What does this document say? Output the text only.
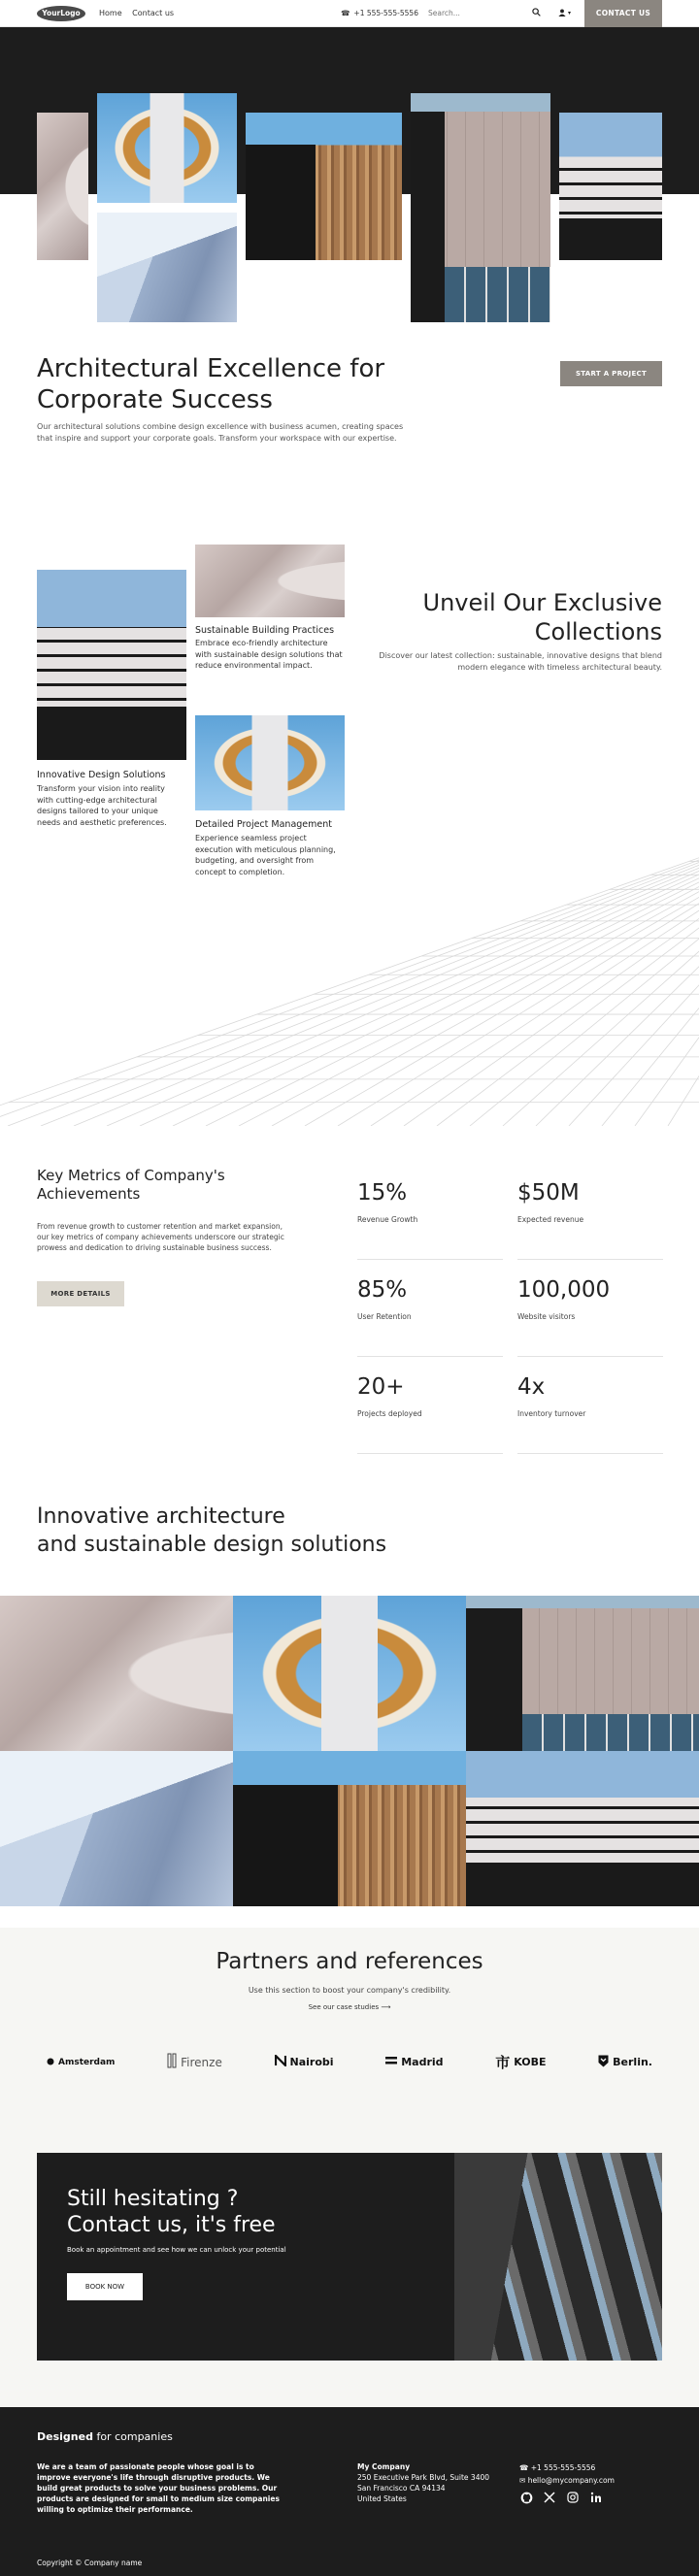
YourLogo	Home Contact us	☎ +1 555-555-5556
Search...	▾	CONTACT US
Architectural Excellence for Corporate Success

Our architectural solutions combine design excellence with business acumen, creating spaces that inspire and support your corporate goals. Transform your workspace with our expertise.

START A PROJECT
Unveil Our Exclusive Collections

Discover our latest collection: sustainable, innovative designs that blend modern elegance with timeless architectural beauty.

Innovative Design Solutions
Transform your vision into reality with cutting-edge architectural designs tailored to your unique needs and aesthetic preferences.
Sustainable Building Practices
Embrace eco-friendly architecture with sustainable design solutions that reduce environmental impact.
Detailed Project Management
Experience seamless project execution with meticulous planning, budgeting, and oversight from concept to completion.
Key Metrics of Company's Achievements

From revenue growth to customer retention and market expansion, our key metrics of company achievements underscore our strategic prowess and dedication to driving sustainable business success.

MORE DETAILS
15%
Revenue Growth
$50M
Expected revenue
85%
User Retention
100,000
Website visitors
20+
Projects deployed
4x
Inventory turnover
Innovative architecture
and sustainable design solutions
Partners and references
Use this section to boost your company's credibility.
See our case studies ⟶
Amsterdam	Firenze	Nairobi	Madrid	市 KOBE	Berlin.
Still hesitating ?
Contact us, it's free
Book an appointment and see how we can unlock your potential
BOOK NOW
Designed for companies
We are a team of passionate people whose goal is to improve everyone's life through disruptive products. We build great products to solve your business problems. Our products are designed for small to medium size companies willing to optimize their performance.
My Company
250 Executive Park Blvd, Suite 3400
San Francisco CA 94134
United States
☎ +1 555-555-5556
✉ hello@mycompany.com
Copyright © Company name
